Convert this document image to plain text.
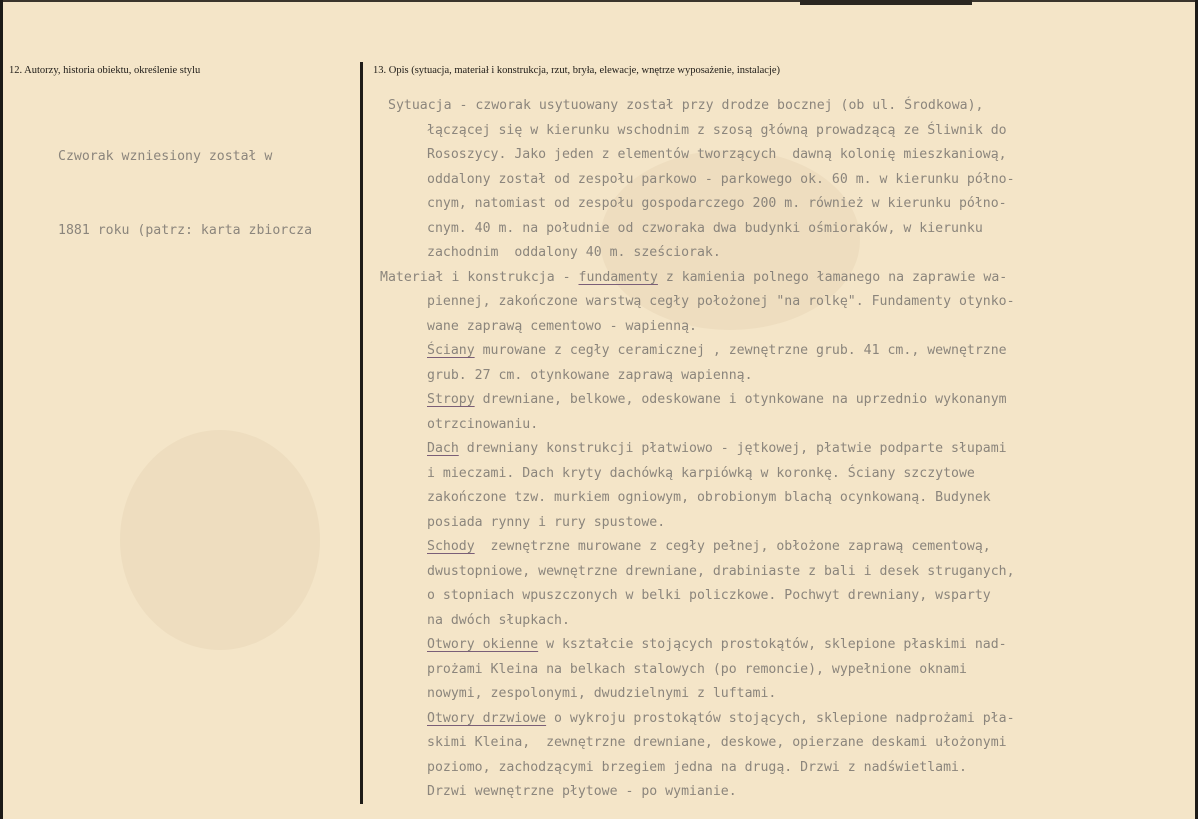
12. Autorzy, historia obiektu, określenie stylu	13. Opis (sytuacja, materiał i konstrukcja, rzut, bryła, elewacje, wnętrze wyposażenie, instalacje)

Czworak wzniesiony został w

1881 roku (patrz: karta zbiorcza

Sytuacja - czworak usytuowany został przy drodze bocznej (ob ul. Środkowa),
łączącej się w kierunku wschodnim z szosą główną prowadzącą ze Śliwnik do
Rososzycy. Jako jeden z elementów tworzących  dawną kolonię mieszkaniową,
oddalony został od zespołu parkowo - parkowego ok. 60 m. w kierunku półno-
cnym, natomiast od zespołu gospodarczego 200 m. również w kierunku półno-
cnym. 40 m. na południe od czworaka dwa budynki ośmioraków, w kierunku
zachodnim  oddalony 40 m. sześciorak.
Materiał i konstrukcja - fundamenty z kamienia polnego łamanego na zaprawie wa-
piennej, zakończone warstwą cegły położonej "na rolkę". Fundamenty otynko-
wane zaprawą cementowo - wapienną.
Ściany murowane z cegły ceramicznej , zewnętrzne grub. 41 cm., wewnętrzne
grub. 27 cm. otynkowane zaprawą wapienną.
Stropy drewniane, belkowe, odeskowane i otynkowane na uprzednio wykonanym
otrzcinowaniu.
Dach drewniany konstrukcji płatwiowo - jętkowej, płatwie podparte słupami
i mieczami. Dach kryty dachówką karpiówką w koronkę. Ściany szczytowe
zakończone tzw. murkiem ogniowym, obrobionym blachą ocynkowaną. Budynek
posiada rynny i rury spustowe.
Schody  zewnętrzne murowane z cegły pełnej, obłożone zaprawą cementową,
dwustopniowe, wewnętrzne drewniane, drabiniaste z bali i desek struganych,
o stopniach wpuszczonych w belki policzkowe. Pochwyt drewniany, wsparty
na dwóch słupkach.
Otwory okienne w kształcie stojących prostokątów, sklepione płaskimi nad-
prożami Kleina na belkach stalowych (po remoncie), wypełnione oknami
nowymi, zespolonymi, dwudzielnymi z luftami.
Otwory drzwiowe o wykroju prostokątów stojących, sklepione nadprożami pła-
skimi Kleina,  zewnętrzne drewniane, deskowe, opierzane deskami ułożonymi
poziomo, zachodzącymi brzegiem jedna na drugą. Drzwi z nadświetlami.
Drzwi wewnętrzne płytowe - po wymianie.
